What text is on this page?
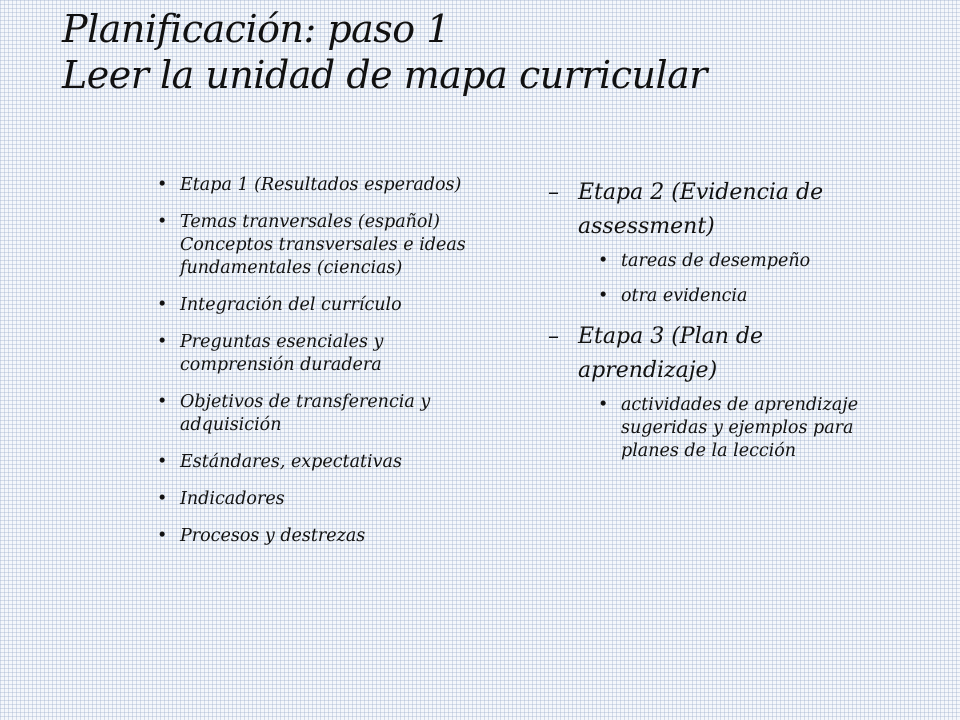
Planificación: paso 1
Leer la unidad de mapa curricular
• Etapa 1 (Resultados esperados)
• Temas tranversales (español) Conceptos transversales e ideas fundamentales (ciencias)
• Integración del currículo
• Preguntas esenciales y comprensión duradera
• Objetivos de transferencia y adquisición
• Estándares, expectativas
• Indicadores
• Procesos y destrezas
– Etapa 2 (Evidencia de assessment)
• tareas de desempeño
• otra evidencia
– Etapa 3 (Plan de aprendizaje)
• actividades de aprendizaje sugeridas y ejemplos para planes de la lección
